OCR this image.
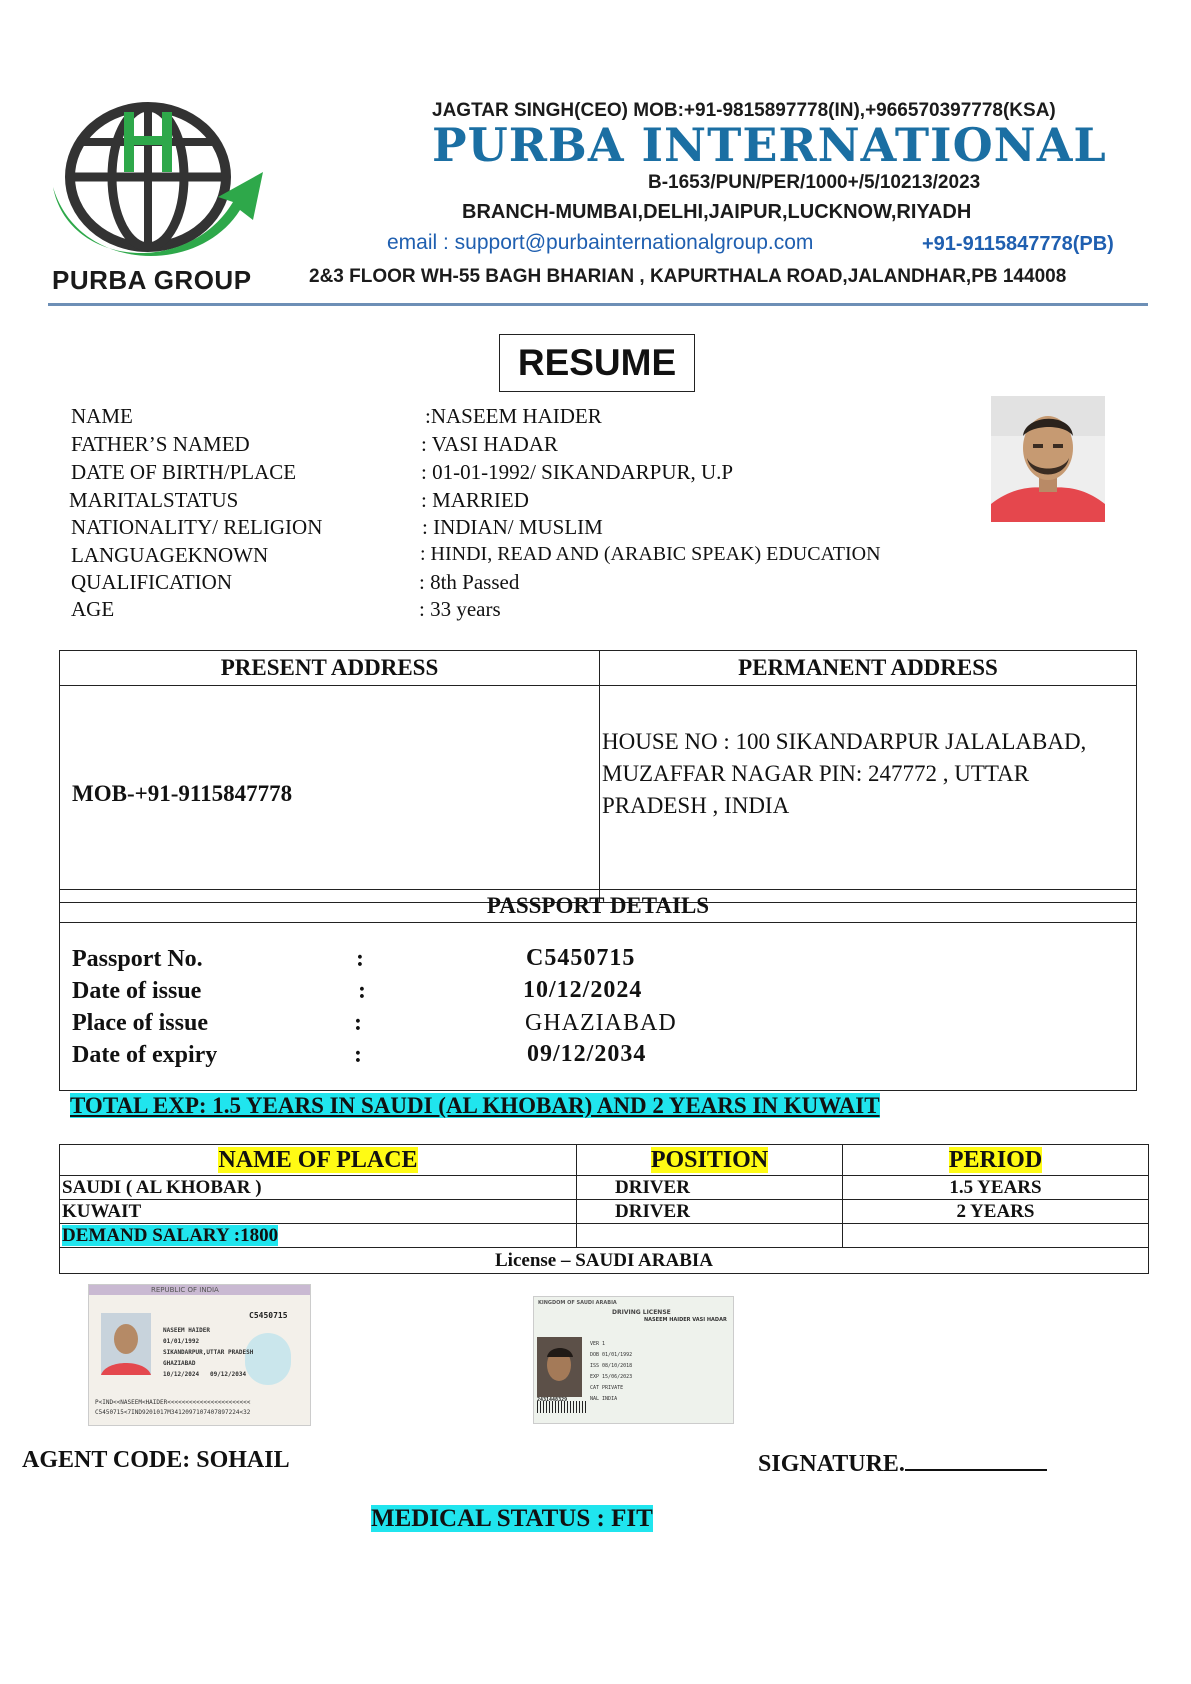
PURBA GROUP
JAGTAR SINGH(CEO) MOB:+91-9815897778(IN),+966570397778(KSA)
PURBA INTERNATIONAL
B-1653/PUN/PER/1000+/5/10213/2023
BRANCH-MUMBAI,DELHI,JAIPUR,LUCKNOW,RIYADH
email : support@purbainternationalgroup.com	+91-9115847778(PB)
2&3 FLOOR WH-55 BAGH BHARIAN , KAPURTHALA ROAD,JALANDHAR,PB 144008
RESUME
NAME	:NASEEM HAIDER
FATHER’S NAMED	: VASI HADAR
DATE OF BIRTH/PLACE	: 01-01-1992/ SIKANDARPUR, U.P
MARITALSTATUS	: MARRIED
NATIONALITY/ RELIGION	: INDIAN/ MUSLIM
LANGUAGEKNOWN	: HINDI, READ AND (ARABIC SPEAK) EDUCATION
QUALIFICATION	: 8th Passed
AGE	: 33 years
PRESENT ADDRESS	PERMANENT ADDRESS
MOB-+91-9115847778	HOUSE NO : 100 SIKANDARPUR JALALABAD,
MUZAFFAR NAGAR PIN: 247772 , UTTAR
PRADESH , INDIA
PASSPORT DETAILS
Passport No.	:	C5450715
Date of issue	:	10/12/2024
Place of issue	:	GHAZIABAD
Date of expiry	:	09/12/2034
TOTAL EXP: 1.5 YEARS IN SAUDI (AL KHOBAR) AND 2 YEARS IN KUWAIT
NAME OF PLACE	POSITION	PERIOD
SAUDI ( AL KHOBAR )	DRIVER	1.5 YEARS
KUWAIT	DRIVER	2 YEARS
DEMAND SALARY :1800		
License – SAUDI ARABIA		
REPUBLIC OF INDIA
C5450715
NASEEM HAIDER
01/01/1992
SIKANDARPUR,UTTAR PRADESH
GHAZIABAD
10/12/2024 09/12/2034
P<IND<<NASEEM<HAIDER<<<<<<<<<<<<<<<<<<<<<<<
C5450715<7IND9201017M3412097107407897224<32
KINGDOM OF SAUDI ARABIA
DRIVING LICENSE
NASEEM HAIDER VASI HADAR
VER 1
DOB 01/01/1992
ISS 08/10/2018
EXP 15/06/2023
CAT PRIVATE
NAL INDIA
2431448329
AGENT CODE: SOHAIL	SIGNATURE.
MEDICAL STATUS : FIT
